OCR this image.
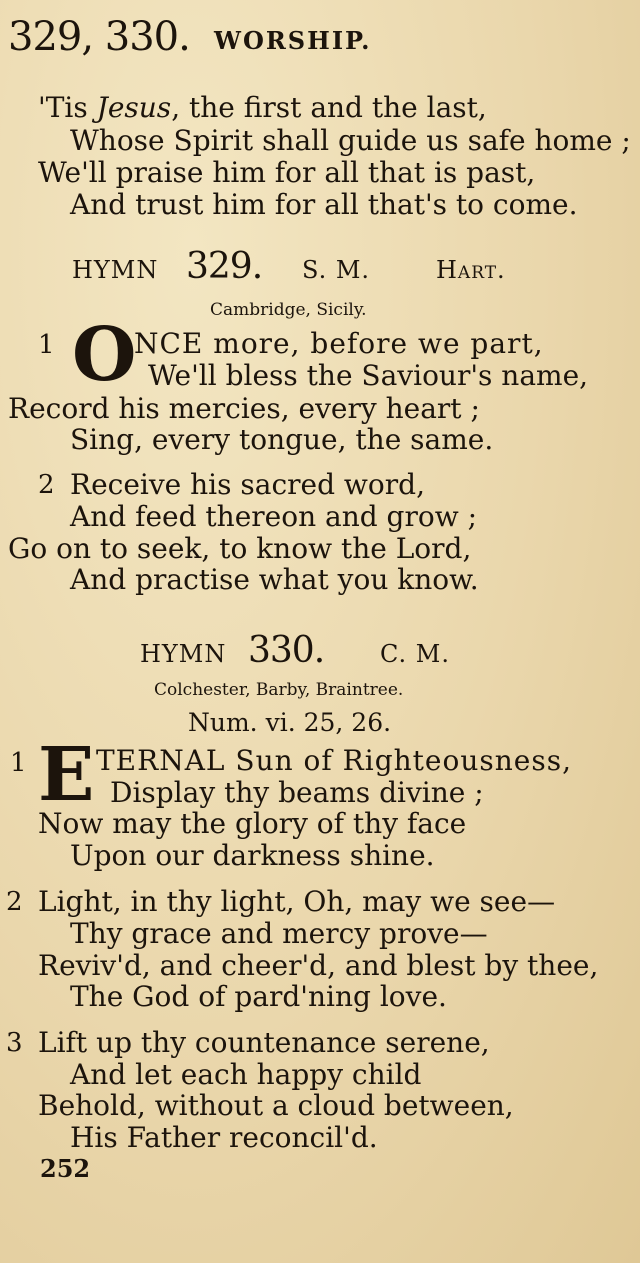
329, 330. WORSHIP.
'Tis Jesus, the first and the last,
Whose Spirit shall guide us safe home ;
We'll praise him for all that is past,
And trust him for all that's to come.
HYMN 329. S. M.	Hart.
Cambridge, Sicily.
1 O
NCE more, before we part,
We'll bless the Saviour's name,
Record his mercies, every heart ;
Sing, every tongue, the same.
2 Receive his sacred word,
And feed thereon and grow ;
Go on to seek, to know the Lord,
And practise what you know.
HYMN 330. C. M.
Colchester, Barby, Braintree.
Num. vi. 25, 26.
1 E TERNAL Sun of Righteousness,
Display thy beams divine ;
Now may the glory of thy face
Upon our darkness shine.
2 Light, in thy light, Oh, may we see—
Thy grace and mercy prove—
Reviv'd, and cheer'd, and blest by thee,
The God of pard'ning love.
3 Lift up thy countenance serene,
And let each happy child
Behold, without a cloud between,
His Father reconcil'd.
252
